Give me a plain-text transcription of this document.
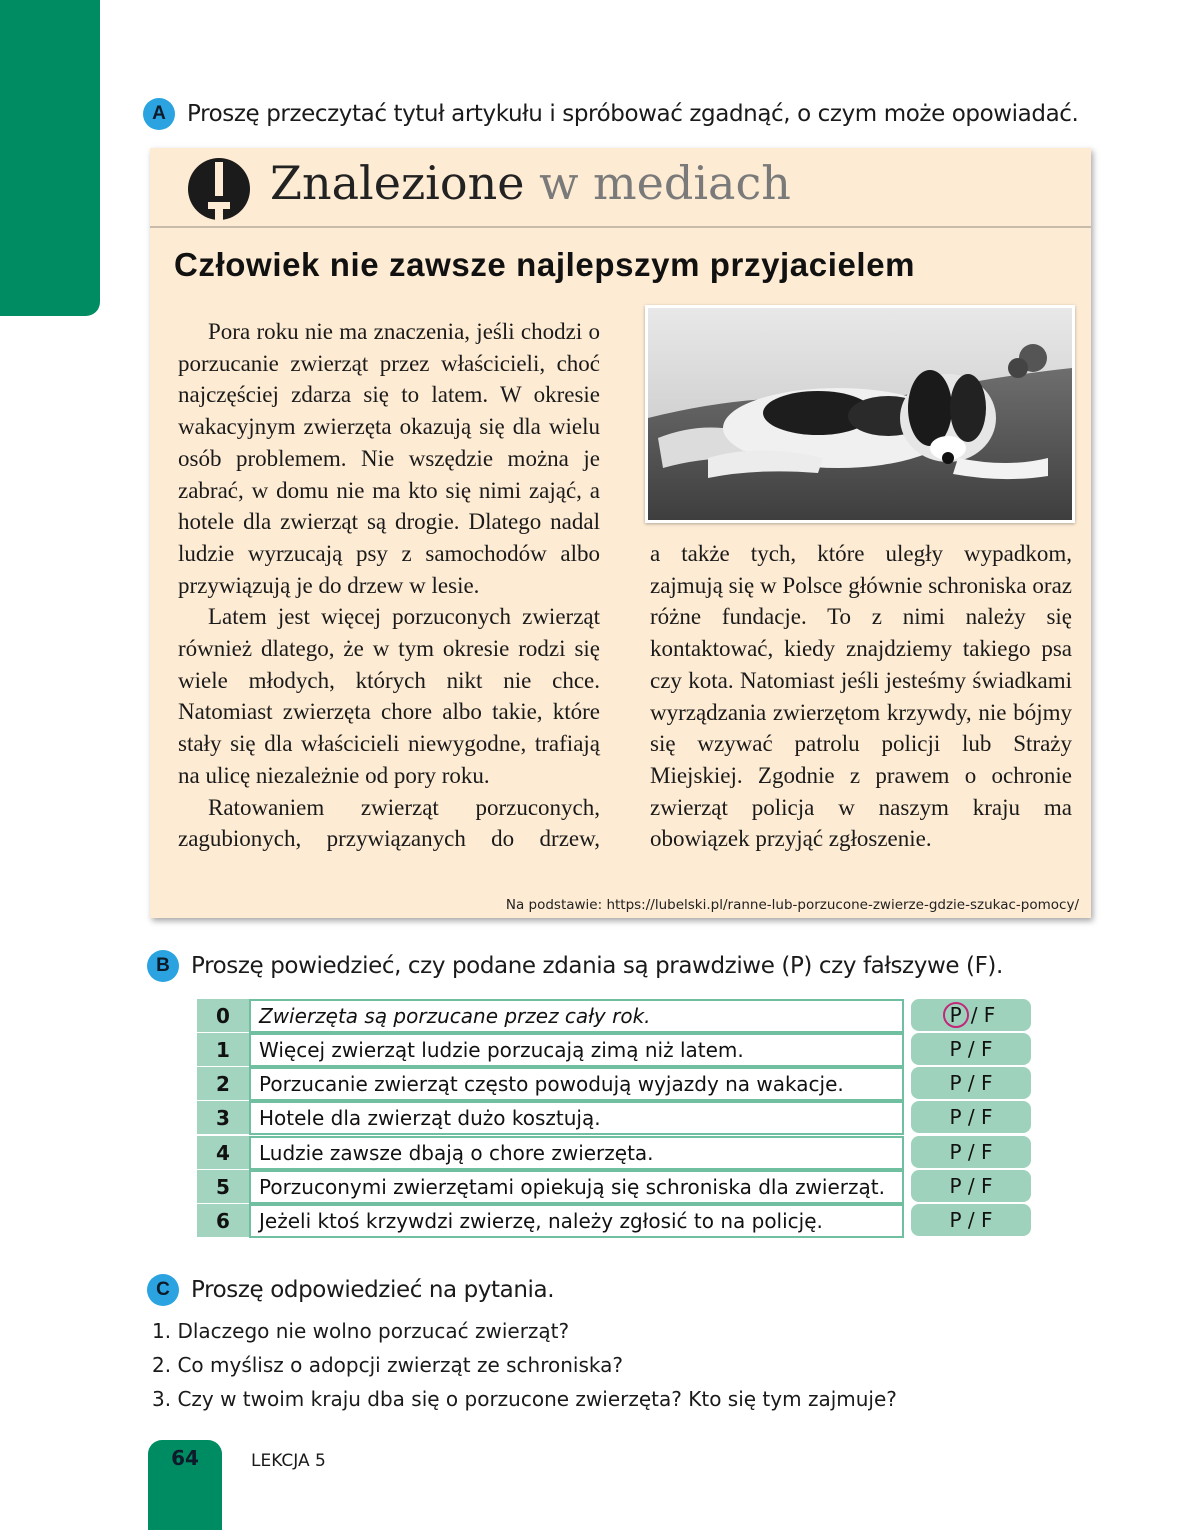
A Proszę przeczytać tytuł artykułu i spróbować zgadnąć, o czym może opowiadać.
Znalezione w mediach
Człowiek nie zawsze najlepszym przyjacielem

Pora roku nie ma znaczenia, jeśli chodzi o porzucanie zwierząt przez właścicieli, choć najczęściej zdarza się to latem. W okresie wakacyjnym zwierzęta okazują się dla wielu osób problemem. Nie wszędzie można je zabrać, w domu nie ma kto się nimi zająć, a hotele dla zwierząt są drogie. Dlatego nadal ludzie wyrzucają psy z samochodów albo przywiązują je do drzew w lesie.

Latem jest więcej porzuconych zwierząt również dlatego, że w tym okresie rodzi się wiele młodych, których nikt nie chce. Natomiast zwierzęta chore albo takie, które stały się dla właścicieli niewygodne, trafiają na ulicę niezależnie od pory roku.

Ratowaniem zwierząt porzuconych, zagubionych, przywiązanych do drzew,

a także tych, które uległy wypadkom, zajmują się w Polsce głównie schroniska oraz różne fundacje. To z nimi należy się kontaktować, kiedy znajdziemy takiego psa czy kota. Natomiast jeśli jesteśmy świadkami wyrządzania zwierzętom krzywdy, nie bójmy się wzywać patrolu policji lub Straży Miejskiej. Zgodnie z prawem o ochronie zwierząt policja w naszym kraju ma obowiązek przyjąć zgłoszenie.

Na podstawie: https://lubelski.pl/ranne-lub-porzucone-zwierze-gdzie-szukac-pomocy/
B Proszę powiedzieć, czy podane zdania są prawdziwe (P) czy fałszywe (F).
0	Zwierzęta są porzucane przez cały rok.	P / F
1	Więcej zwierząt ludzie porzucają zimą niż latem.	P / F
2	Porzucanie zwierząt często powodują wyjazdy na wakacje.	P / F
3	Hotele dla zwierząt dużo kosztują.	P / F
4	Ludzie zawsze dbają o chore zwierzęta.	P / F
5	Porzuconymi zwierzętami opiekują się schroniska dla zwierząt.	P / F
6	Jeżeli ktoś krzywdzi zwierzę, należy zgłosić to na policję.	P / F
C Proszę odpowiedzieć na pytania.
1. Dlaczego nie wolno porzucać zwierząt?
2. Co myślisz o adopcji zwierząt ze schroniska?
3. Czy w twoim kraju dba się o porzucone zwierzęta? Kto się tym zajmuje?
64	LEKCJA 5
